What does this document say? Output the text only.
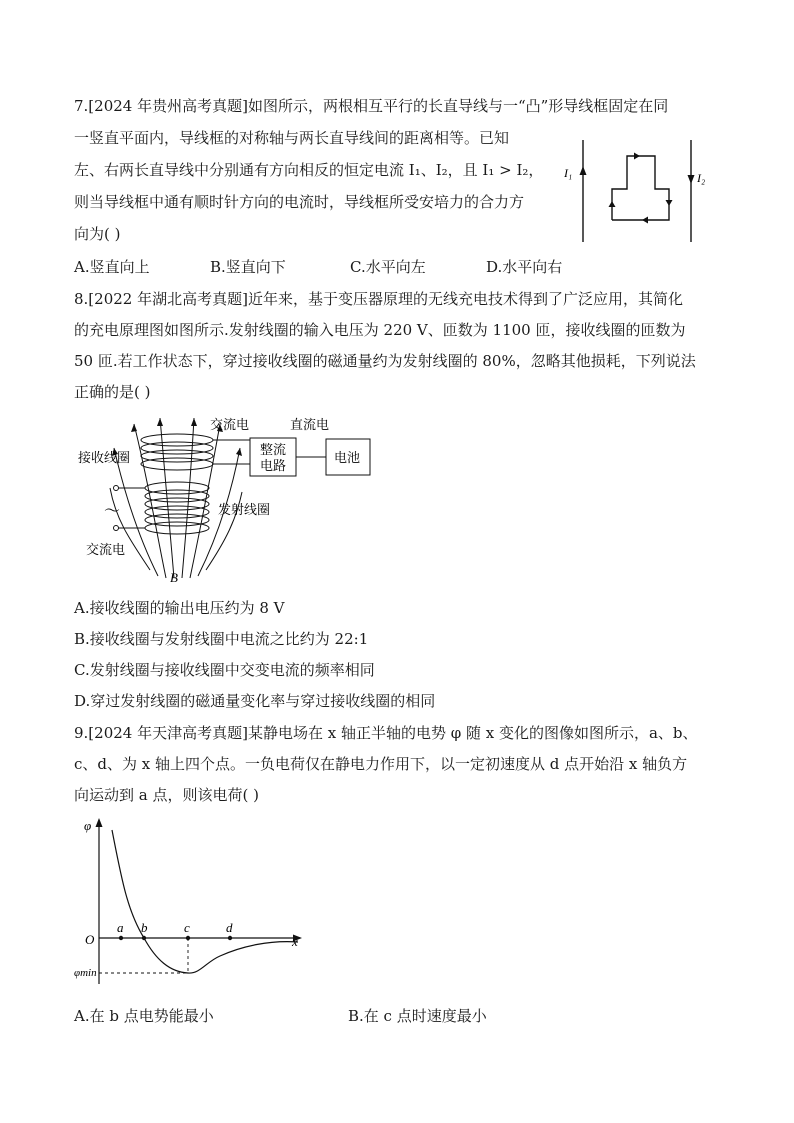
7.[2024 年贵州高考真题]如图所示，两根相互平行的长直导线与一“凸”形导线框固定在同
一竖直平面内，导线框的对称轴与两长直导线间的距离相等。已知
左、右两长直导线中分别通有方向相反的恒定电流 I₁、I₂，且 I₁ > I₂，
则当导线框中通有顺时针方向的电流时，导线框所受安培力的合力方
向为( )
I₁	I₂
A.竖直向上	B.竖直向下	C.水平向左	D.水平向右
8.[2022 年湖北高考真题]近年来，基于变压器原理的无线充电技术得到了广泛应用，其简化
的充电原理图如图所示.发射线圈的输入电压为 220 V、匝数为 1100 匝，接收线圈的匝数为
50 匝.若工作状态下，穿过接收线圈的磁通量约为发射线圈的 80%，忽略其他损耗，下列说法
正确的是( )
交流电	直流电
接收线圈
整流
电路
电池
～	发射线圈
交流电
B
A.接收线圈的输出电压约为 8 V
B.接收线圈与发射线圈中电流之比约为 22:1
C.发射线圈与接收线圈中交变电流的频率相同
D.穿过发射线圈的磁通量变化率与穿过接收线圈的相同
9.[2024 年天津高考真题]某静电场在 x 轴正半轴的电势 φ 随 x 变化的图像如图所示，a、b、
c、d、为 x 轴上四个点。一负电荷仅在静电力作用下，以一定初速度从 d 点开始沿 x 轴负方
向运动到 a 点，则该电荷( )
φ
x
O
φmin
a b	c	d
A.在 b 点电势能最小	B.在 c 点时速度最小
